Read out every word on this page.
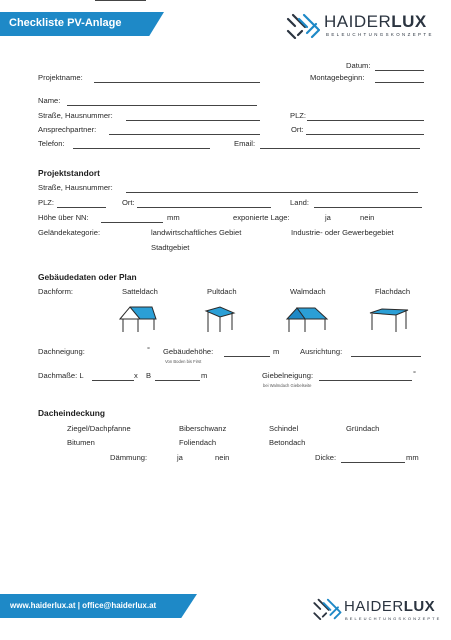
Checkliste PV-Anlage	HAIDERLUX
BELEUCHTUNGSKONZEPTE
Datum:
Projektname:	Montagebeginn:
Name:
Straße, Hausnummer:	PLZ:
Ansprechpartner:	Ort:
Telefon:	Email:
Projektstandort
Straße, Hausnummer:
PLZ:	Ort:	Land:
Höhe über NN:	mm	exponierte Lage:	ja	nein
Geländekategorie:	landwirtschaftliches Gebiet	Industrie- oder Gewerbegebiet
Stadtgebiet
Gebäudedaten oder Plan
Dachform:	Satteldach	Pultdach	Walmdach	Flachdach
Dachneigung:	° Gebäudehöhe:	m
Von Boden bis First
Ausrichtung:
Dachmaße: L	x B	m	Giebelneigung:	°
bei Walmdach Giebelseite
Dacheindeckung
Ziegel/Dachpfanne	Biberschwanz	Schindel	Gründach
Bitumen	Foliendach	Betondach
Dämmung:	ja	nein	Dicke:	mm
www.haiderlux.at | office@haiderlux.at	HAIDERLUX
BELEUCHTUNGSKONZEPTE
